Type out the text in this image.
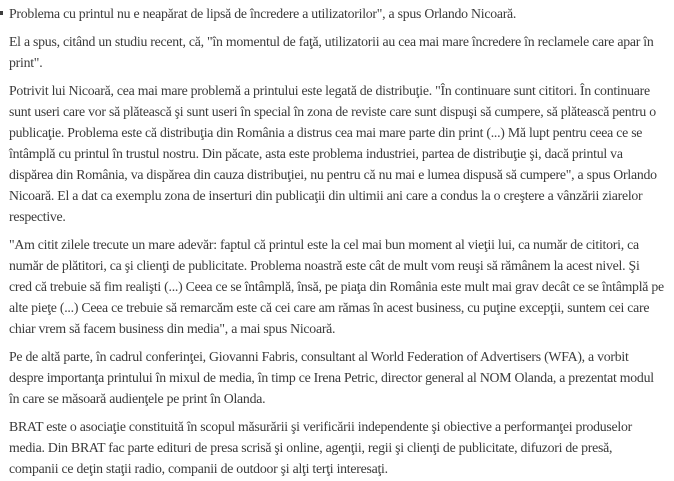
Problema cu printul nu e neapărat de lipsă de încredere a utilizatorilor", a spus Orlando Nicoară.

El a spus, citând un studiu recent, că, "în momentul de faţă, utilizatorii au cea mai mare încredere în reclamele care apar în print".

Potrivit lui Nicoară, cea mai mare problemă a printului este legată de distribuţie. "În continuare sunt cititori. În continuare sunt useri care vor să plătească şi sunt useri în special în zona de reviste care sunt dispuşi să cumpere, să plătească pentru o publicaţie. Problema este că distribuţia din România a distrus cea mai mare parte din print (...) Mă lupt pentru ceea ce se întâmplă cu printul în trustul nostru. Din păcate, asta este problema industriei, partea de distribuţie şi, dacă printul va dispărea din România, va dispărea din cauza distribuţiei, nu pentru că nu mai e lumea dispusă să cumpere", a spus Orlando Nicoară. El a dat ca exemplu zona de inserturi din publicaţii din ultimii ani care a condus la o creştere a vânzării ziarelor respective.

"Am citit zilele trecute un mare adevăr: faptul că printul este la cel mai bun moment al vieţii lui, ca număr de cititori, ca număr de plătitori, ca şi clienţi de publicitate. Problema noastră este cât de mult vom reuşi să rămânem la acest nivel. Şi cred că trebuie să fim realişti (...) Ceea ce se întâmplă, însă, pe piaţa din România este mult mai grav decât ce se întâmplă pe alte pieţe (...) Ceea ce trebuie să remarcăm este că cei care am rămas în acest business, cu puţine excepţii, suntem cei care chiar vrem să facem business din media", a mai spus Nicoară.

Pe de altă parte, în cadrul conferinţei, Giovanni Fabris, consultant al World Federation of Advertisers (WFA), a vorbit despre importanţa printului în mixul de media, în timp ce Irena Petric, director general al NOM Olanda, a prezentat modul în care se măsoară audienţele pe print în Olanda.

BRAT este o asociaţie constituită în scopul măsurării şi verificării independente şi obiective a performanţei produselor media. Din BRAT fac parte edituri de presa scrisă şi online, agenţii, regii şi clienţi de publicitate, difuzori de presă, companii ce deţin staţii radio, companii de outdoor şi alţi terţi interesaţi.
